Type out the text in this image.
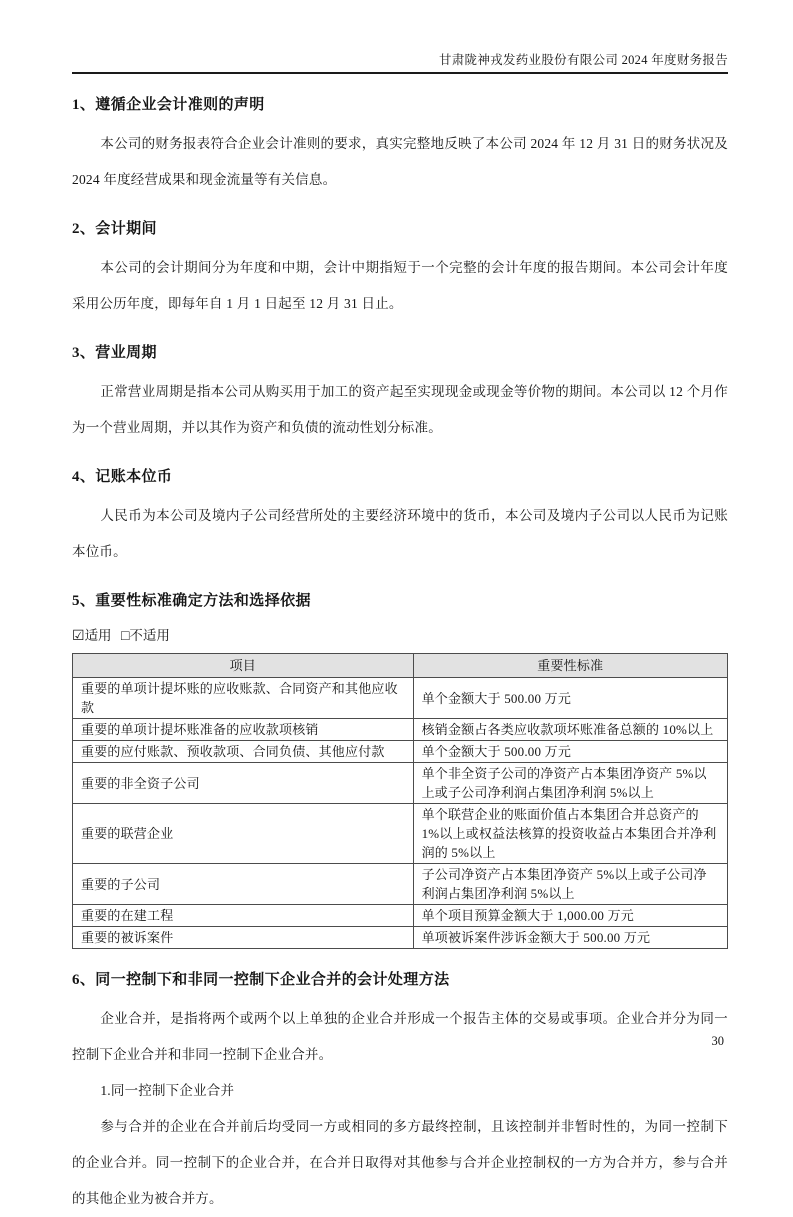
甘肃陇神戎发药业股份有限公司 2024 年度财务报告
1、遵循企业会计准则的声明

本公司的财务报表符合企业会计准则的要求，真实完整地反映了本公司 2024 年 12 月 31 日的财务状况及 2024 年度经营成果和现金流量等有关信息。

2、会计期间

本公司的会计期间分为年度和中期，会计中期指短于一个完整的会计年度的报告期间。本公司会计年度采用公历年度，即每年自 1 月 1 日起至 12 月 31 日止。

3、营业周期

正常营业周期是指本公司从购买用于加工的资产起至实现现金或现金等价物的期间。本公司以 12 个月作为一个营业周期，并以其作为资产和负债的流动性划分标准。

4、记账本位币

人民币为本公司及境内子公司经营所处的主要经济环境中的货币，本公司及境内子公司以人民币为记账本位币。

5、重要性标准确定方法和选择依据
☑适用 □不适用
项目	重要性标准
重要的单项计提坏账的应收账款、合同资产和其他应收款	单个金额大于 500.00 万元
重要的单项计提坏账准备的应收款项核销	核销金额占各类应收款项坏账准备总额的 10%以上
重要的应付账款、预收款项、合同负债、其他应付款	单个金额大于 500.00 万元
重要的非全资子公司	单个非全资子公司的净资产占本集团净资产 5%以上或子公司净利润占集团净利润 5%以上
重要的联营企业	单个联营企业的账面价值占本集团合并总资产的 1%以上或权益法核算的投资收益占本集团合并净利润的 5%以上
重要的子公司	子公司净资产占本集团净资产 5%以上或子公司净利润占集团净利润 5%以上
重要的在建工程	单个项目预算金额大于 1,000.00 万元
重要的被诉案件	单项被诉案件涉诉金额大于 500.00 万元
6、同一控制下和非同一控制下企业合并的会计处理方法

企业合并，是指将两个或两个以上单独的企业合并形成一个报告主体的交易或事项。企业合并分为同一控制下企业合并和非同一控制下企业合并。

1.同一控制下企业合并

参与合并的企业在合并前后均受同一方或相同的多方最终控制，且该控制并非暂时性的，为同一控制下的企业合并。同一控制下的企业合并，在合并日取得对其他参与合并企业控制权的一方为合并方，参与合并的其他企业为被合并方。

30
